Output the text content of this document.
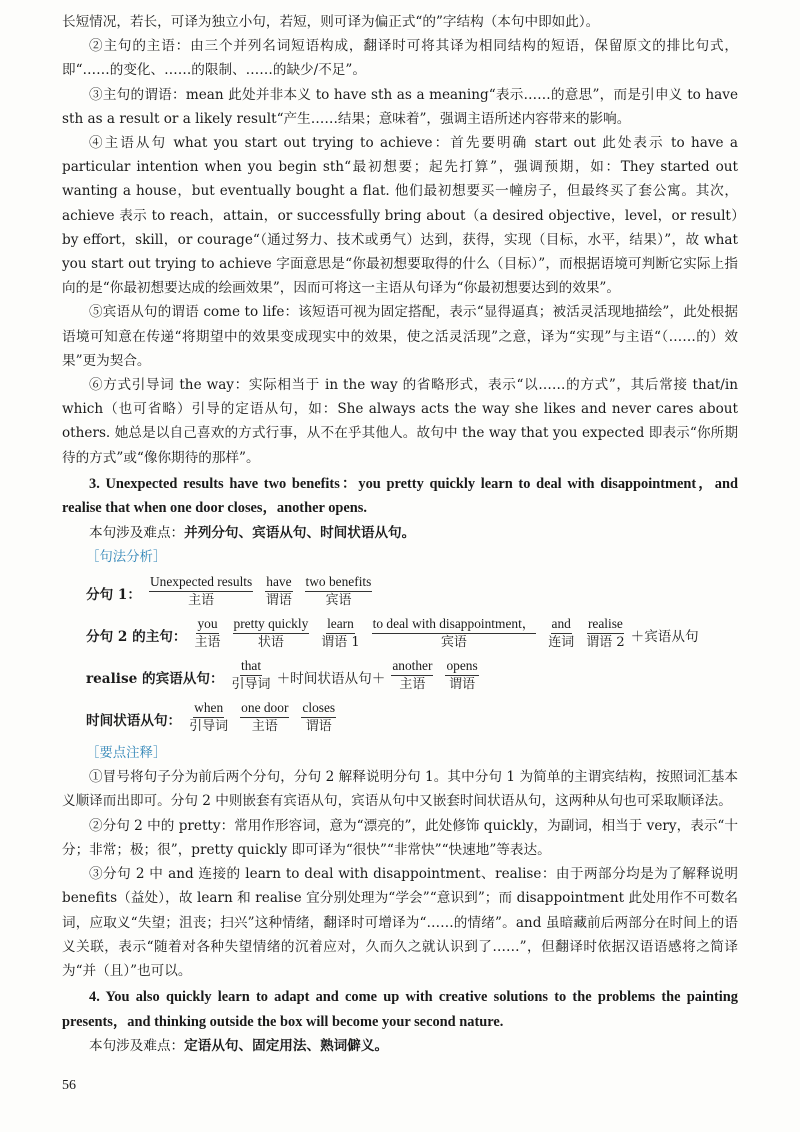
长短情况，若长，可译为独立小句，若短，则可译为偏正式“的”字结构（本句中即如此）。

②主句的主语：由三个并列名词短语构成，翻译时可将其译为相同结构的短语，保留原文的排比句式，即“……的变化、……的限制、……的缺少/不足”。

③主句的谓语：mean 此处并非本义 to have sth as a meaning“表示……的意思”，而是引申义 to have sth as a result or a likely result“产生……结果；意味着”，强调主语所述内容带来的影响。

④主语从句 what you start out trying to achieve：首先要明确 start out 此处表示 to have a particular intention when you begin sth“最初想要；起先打算”，强调预期，如：They started out wanting a house，but eventually bought a flat. 他们最初想要买一幢房子，但最终买了套公寓。其次，achieve 表示 to reach，attain，or successfully bring about（a desired objective，level，or result）by effort，skill，or courage“（通过努力、技术或勇气）达到，获得，实现（目标，水平，结果）”，故 what you start out trying to achieve 字面意思是“你最初想要取得的什么（目标）”，而根据语境可判断它实际上指向的是“你最初想要达成的绘画效果”，因而可将这一主语从句译为“你最初想要达到的效果”。

⑤宾语从句的谓语 come to life：该短语可视为固定搭配，表示“显得逼真；被活灵活现地描绘”，此处根据语境可知意在传递“将期望中的效果变成现实中的效果，使之活灵活现”之意，译为“实现”与主语“（……的）效果”更为契合。

⑥方式引导词 the way：实际相当于 in the way 的省略形式，表示“以……的方式”，其后常接 that/in which（也可省略）引导的定语从句，如：She always acts the way she likes and never cares about others. 她总是以自己喜欢的方式行事，从不在乎其他人。故句中 the way that you expected 即表示“你所期待的方式”或“像你期待的那样”。

3. Unexpected results have two benefits：you pretty quickly learn to deal with disappointment，and realise that when one door closes，another opens.

本句涉及难点：并列分句、宾语从句、时间状语从句。

［句法分析］
分句 1：
Unexpected results
主语
have
谓语
two benefits
宾语
分句 2 的主句：
you
主语
pretty quickly
状语
learn
谓语 1
to deal with disappointment，
宾语
and
连词
realise
谓语 2 ＋宾语从句
realise 的宾语从句：
that
引导词 ＋时间状语从句＋
another
主语
opens
谓语
时间状语从句：
when
引导词
one door
主语
closes
谓语
［要点注释］

①冒号将句子分为前后两个分句，分句 2 解释说明分句 1。其中分句 1 为简单的主谓宾结构，按照词汇基本义顺译而出即可。分句 2 中则嵌套有宾语从句，宾语从句中又嵌套时间状语从句，这两种从句也可采取顺译法。

②分句 2 中的 pretty：常用作形容词，意为“漂亮的”，此处修饰 quickly，为副词，相当于 very，表示“十分；非常；极；很”，pretty quickly 即可译为“很快”“非常快”“快速地”等表达。

③分句 2 中 and 连接的 learn to deal with disappointment、realise：由于两部分均是为了解释说明 benefits（益处），故 learn 和 realise 宜分别处理为“学会”“意识到”；而 disappointment 此处用作不可数名词，应取义“失望；沮丧；扫兴”这种情绪，翻译时可增译为“……的情绪”。and 虽暗藏前后两部分在时间上的语义关联，表示“随着对各种失望情绪的沉着应对，久而久之就认识到了……”，但翻译时依据汉语语感将之简译为“并（且）”也可以。

4. You also quickly learn to adapt and come up with creative solutions to the problems the painting presents，and thinking outside the box will become your second nature.

本句涉及难点：定语从句、固定用法、熟词僻义。

56
